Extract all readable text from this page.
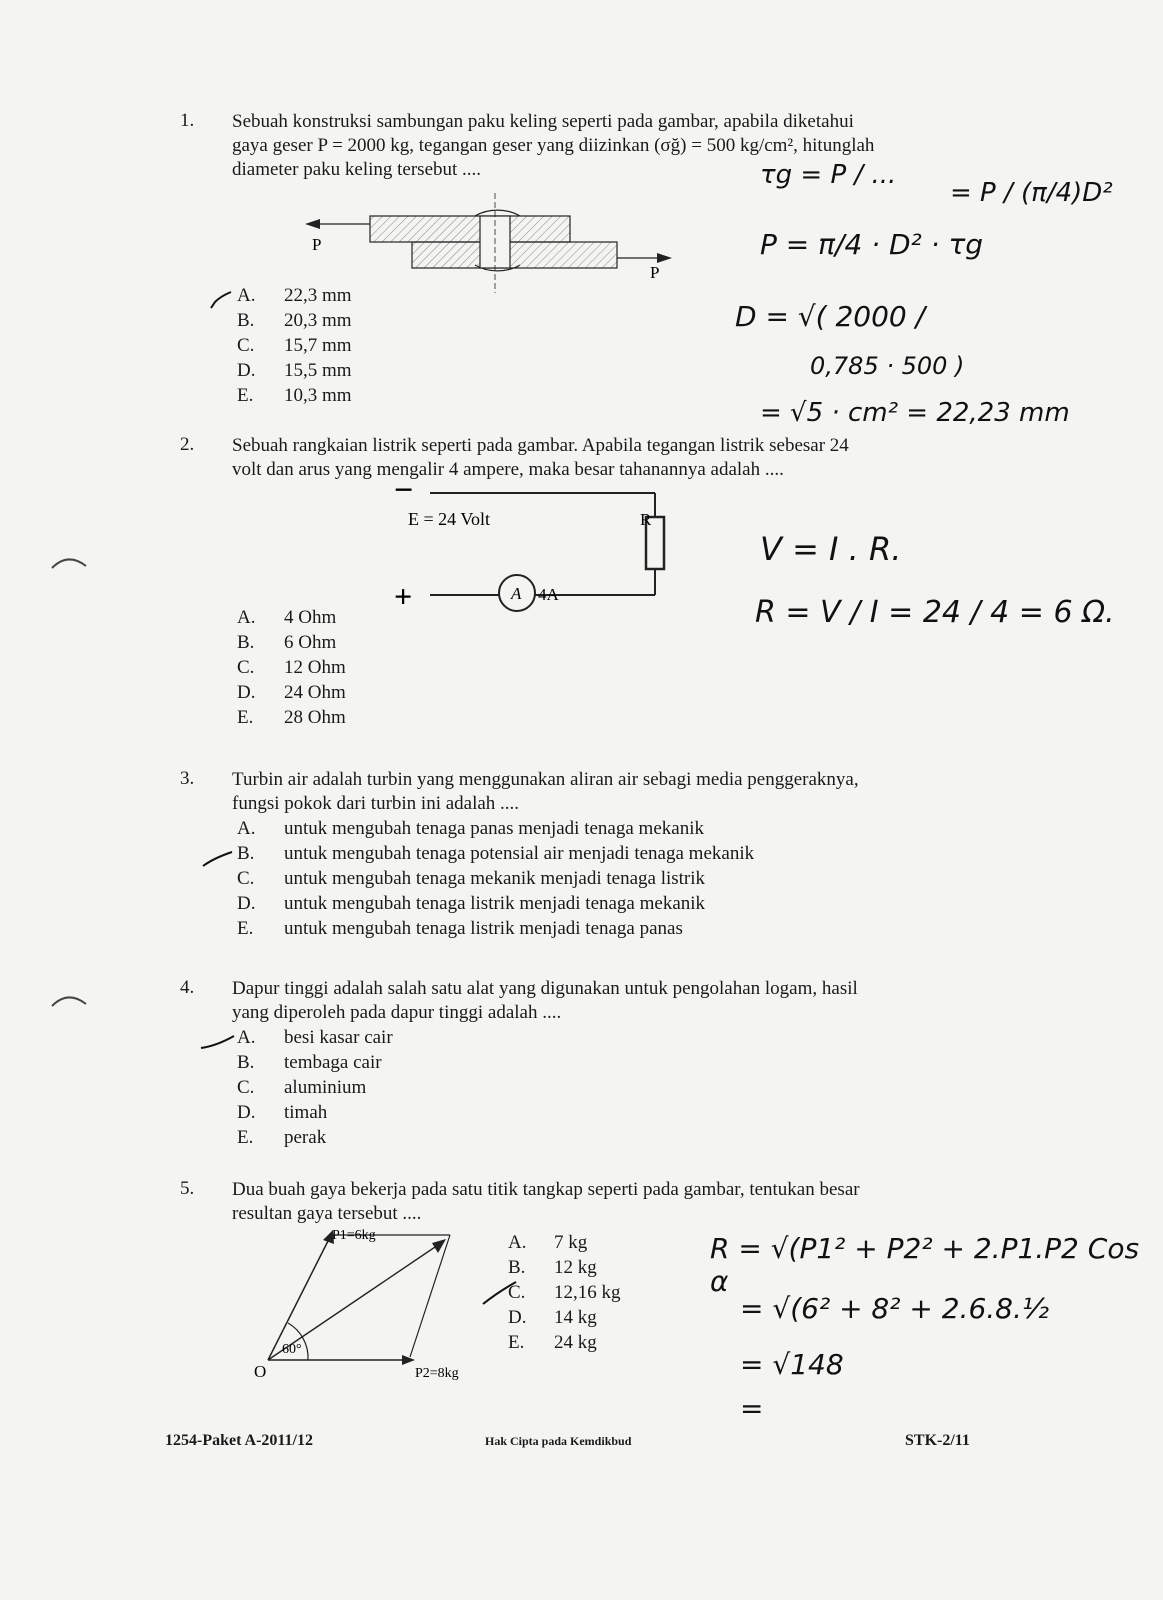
1. Sebuah konstruksi sambungan paku keling seperti pada gambar, apabila diketahui
gaya geser P = 2000 kg, tegangan geser yang diizinkan (σğ) = 500 kg/cm², hitunglah
diameter paku keling tersebut ....
P
P
A. 22,3 mm
B. 20,3 mm
C. 15,7 mm
D. 15,5 mm
E. 10,3 mm
τg = P / ...
= P / (π/4)D²
P = π/4 · D² · τg
D = √( 2000 /
0,785 · 500 )
= √5 · cm² = 22,23 mm
2. Sebuah rangkaian listrik seperti pada gambar. Apabila tegangan listrik sebesar 24
volt dan arus yang mengalir 4 ampere, maka besar tahanannya adalah ....
A 4A
R
E = 24 Volt
−
+
A. 4 Ohm
B. 6 Ohm
C. 12 Ohm
D. 24 Ohm
E. 28 Ohm
V = I . R.
R = V / I = 24 / 4 = 6 Ω.
3. Turbin air adalah turbin yang menggunakan aliran air sebagi media penggeraknya,
fungsi pokok dari turbin ini adalah ....
A. untuk mengubah tenaga panas menjadi tenaga mekanik
B. untuk mengubah tenaga potensial air menjadi tenaga mekanik
C. untuk mengubah tenaga mekanik menjadi tenaga listrik
D. untuk mengubah tenaga listrik menjadi tenaga mekanik
E. untuk mengubah tenaga listrik menjadi tenaga panas
4. Dapur tinggi adalah salah satu alat yang digunakan untuk pengolahan logam, hasil
yang diperoleh pada dapur tinggi adalah ....
A. besi kasar cair
B. tembaga cair
C. aluminium
D. timah
E. perak
5. Dua buah gaya bekerja pada satu titik tangkap seperti pada gambar, tentukan besar
resultan gaya tersebut ....
60°
O
P1=6kg
P2=8kg
A. 7 kg
B. 12 kg
C. 12,16 kg
D. 14 kg
E. 24 kg
R = √(P1² + P2² + 2.P1.P2 Cos α
= √(6² + 8² + 2.6.8.½
= √148
=
1254-Paket A-2011/12	Hak Cipta pada Kemdikbud	STK-2/11
